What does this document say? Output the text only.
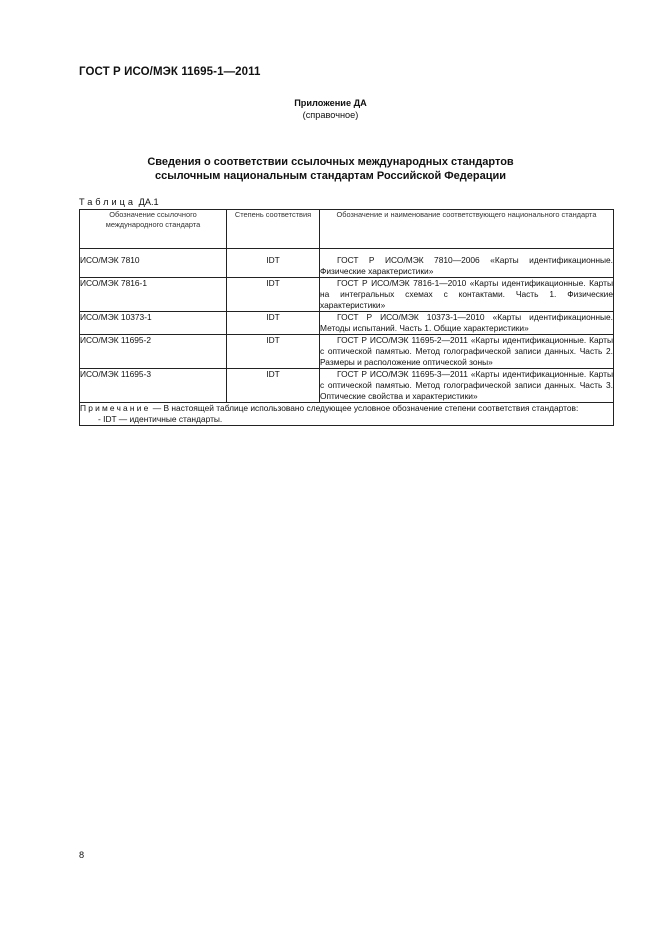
ГОСТ Р ИСО/МЭК 11695-1—2011
Приложение ДА
(справочное)
Сведения о соответствии ссылочных международных стандартов
ссылочным национальным стандартам Российской Федерации
Таблица ДА.1
Обозначение ссылочного международного стандарта	Степень соответствия	Обозначение и наименование соответствующего национального стандарта
ИСО/МЭК 7810	IDT	ГОСТ Р ИСО/МЭК 7810—2006 «Карты идентификационные. Физические характеристики»

ИСО/МЭК 7816-1	IDT	ГОСТ Р ИСО/МЭК 7816-1—2010 «Карты идентификационные. Карты на интегральных схемах с контактами. Часть 1. Физические характеристики»

ИСО/МЭК 10373-1	IDT	ГОСТ Р ИСО/МЭК 10373-1—2010 «Карты идентификационные. Методы испытаний. Часть 1. Общие характеристики»

ИСО/МЭК 11695-2	IDT	ГОСТ Р ИСО/МЭК 11695-2—2011 «Карты идентификационные. Карты с оптической памятью. Метод голографической записи данных. Часть 2. Размеры и расположение оптической зоны»

ИСО/МЭК 11695-3	IDT	ГОСТ Р ИСО/МЭК 11695-3—2011 «Карты идентификационные. Карты с оптической памятью. Метод голографической записи данных. Часть 3. Оптические свойства и характеристики»

Примечание — В настоящей таблице использовано следующее условное обозначение степени соответствия стандартов:
- IDT — идентичные стандарты.		
8
